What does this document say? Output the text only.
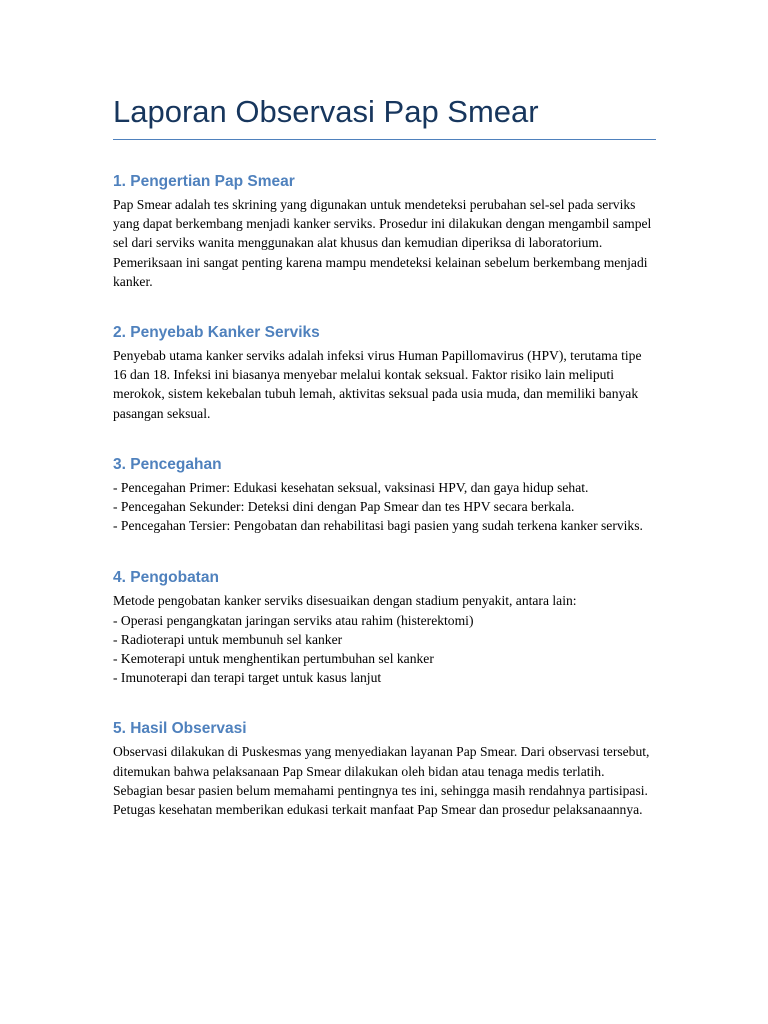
Laporan Observasi Pap Smear
1. Pengertian Pap Smear

Pap Smear adalah tes skrining yang digunakan untuk mendeteksi perubahan sel-sel pada serviks yang dapat berkembang menjadi kanker serviks. Prosedur ini dilakukan dengan mengambil sampel sel dari serviks wanita menggunakan alat khusus dan kemudian diperiksa di laboratorium. Pemeriksaan ini sangat penting karena mampu mendeteksi kelainan sebelum berkembang menjadi kanker.

2. Penyebab Kanker Serviks

Penyebab utama kanker serviks adalah infeksi virus Human Papillomavirus (HPV), terutama tipe 16 dan 18. Infeksi ini biasanya menyebar melalui kontak seksual. Faktor risiko lain meliputi merokok, sistem kekebalan tubuh lemah, aktivitas seksual pada usia muda, dan memiliki banyak pasangan seksual.

3. Pencegahan

- Pencegahan Primer: Edukasi kesehatan seksual, vaksinasi HPV, dan gaya hidup sehat.
- Pencegahan Sekunder: Deteksi dini dengan Pap Smear dan tes HPV secara berkala.
- Pencegahan Tersier: Pengobatan dan rehabilitasi bagi pasien yang sudah terkena kanker serviks.

4. Pengobatan

Metode pengobatan kanker serviks disesuaikan dengan stadium penyakit, antara lain:
- Operasi pengangkatan jaringan serviks atau rahim (histerektomi)
- Radioterapi untuk membunuh sel kanker
- Kemoterapi untuk menghentikan pertumbuhan sel kanker
- Imunoterapi dan terapi target untuk kasus lanjut

5. Hasil Observasi

Observasi dilakukan di Puskesmas yang menyediakan layanan Pap Smear. Dari observasi tersebut, ditemukan bahwa pelaksanaan Pap Smear dilakukan oleh bidan atau tenaga medis terlatih. Sebagian besar pasien belum memahami pentingnya tes ini, sehingga masih rendahnya partisipasi. Petugas kesehatan memberikan edukasi terkait manfaat Pap Smear dan prosedur pelaksanaannya.
